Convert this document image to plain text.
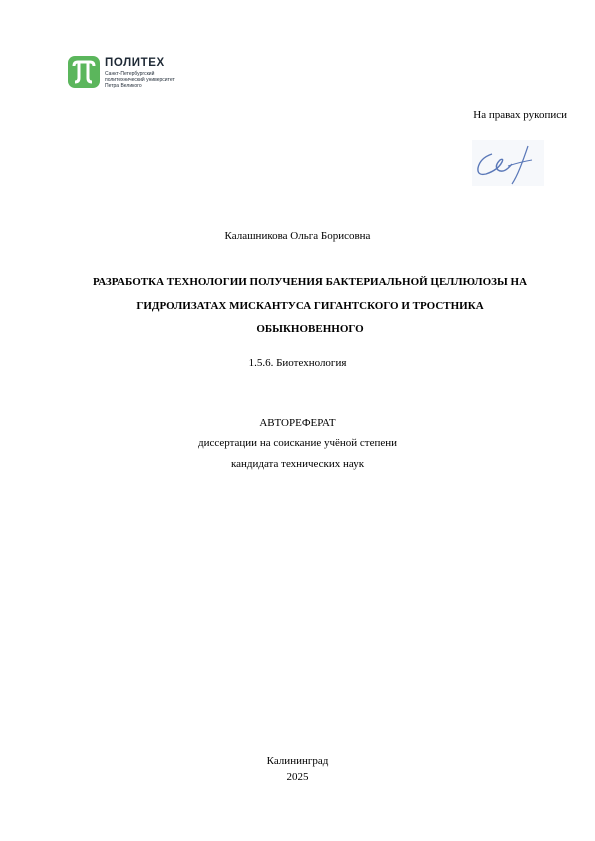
ПОЛИТЕХ
Санкт-Петербургский
политехнический университет
Петра Великого
На правах рукописи
Калашникова Ольга Борисовна
РАЗРАБОТКА ТЕХНОЛОГИИ ПОЛУЧЕНИЯ БАКТЕРИАЛЬНОЙ ЦЕЛЛЮЛОЗЫ НА
ГИДРОЛИЗАТАХ МИСКАНТУСА ГИГАНТСКОГО И ТРОСТНИКА
ОБЫКНОВЕННОГО
1.5.6. Биотехнология
АВТОРЕФЕРАТ
диссертации на соискание учёной степени
кандидата технических наук
Калининград
2025
